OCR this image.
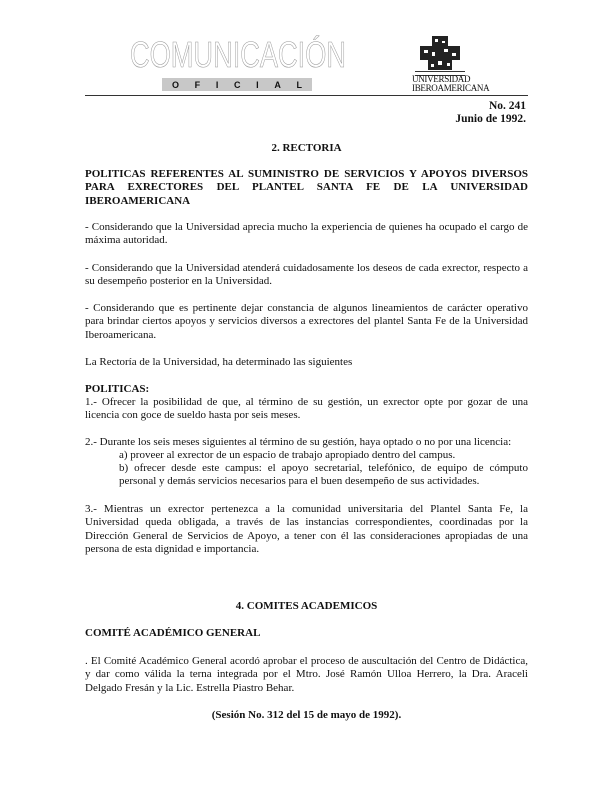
COMUNICACIÓN
O F I C I A L
UNIVERSIDAD
IBEROAMERICANA
No. 241
Junio de 1992.
2. RECTORIA
POLITICAS REFERENTES AL SUMINISTRO DE SERVICIOS Y APOYOS DIVERSOS
PARA EXRECTORES DEL PLANTEL SANTA FE DE LA UNIVERSIDAD
IBEROAMERICANA
- Considerando que la Universidad aprecia mucho la experiencia de quienes ha ocupado el cargo de máxima autoridad.
- Considerando que la Universidad atenderá cuidadosamente los deseos de cada exrector, respecto a su desempeño posterior en la Universidad.
- Considerando que es pertinente dejar constancia de algunos lineamientos de carácter operativo para brindar ciertos apoyos y servicios diversos a exrectores del plantel Santa Fe de la Universidad Iberoamericana.
La Rectoría de la Universidad, ha determinado las siguientes
POLITICAS:
1.- Ofrecer la posibilidad de que, al término de su gestión, un exrector opte por gozar de una licencia con goce de sueldo hasta por seis meses.
2.- Durante los seis meses siguientes al término de su gestión, haya optado o no por una licencia:
a) proveer al exrector de un espacio de trabajo apropiado dentro del campus.
b) ofrecer desde este campus: el apoyo secretarial, telefónico, de equipo de cómputo personal y demás servicios necesarios para el buen desempeño de sus actividades.
3.- Mientras un exrector pertenezca a la comunidad universitaria del Plantel Santa Fe, la Universidad queda obligada, a través de las instancias correspondientes, coordinadas por la Dirección General de Servicios de Apoyo, a tener con él las consideraciones apropiadas de una persona de esta dignidad e importancia.
4. COMITES ACADEMICOS
COMITÉ ACADÉMICO GENERAL
. El Comité Académico General acordó aprobar el proceso de auscultación del Centro de Didáctica, y dar como válida la terna integrada por el Mtro. José Ramón Ulloa Herrero, la Dra. Araceli Delgado Fresán y la Lic. Estrella Piastro Behar.
(Sesión No. 312 del 15 de mayo de 1992).
